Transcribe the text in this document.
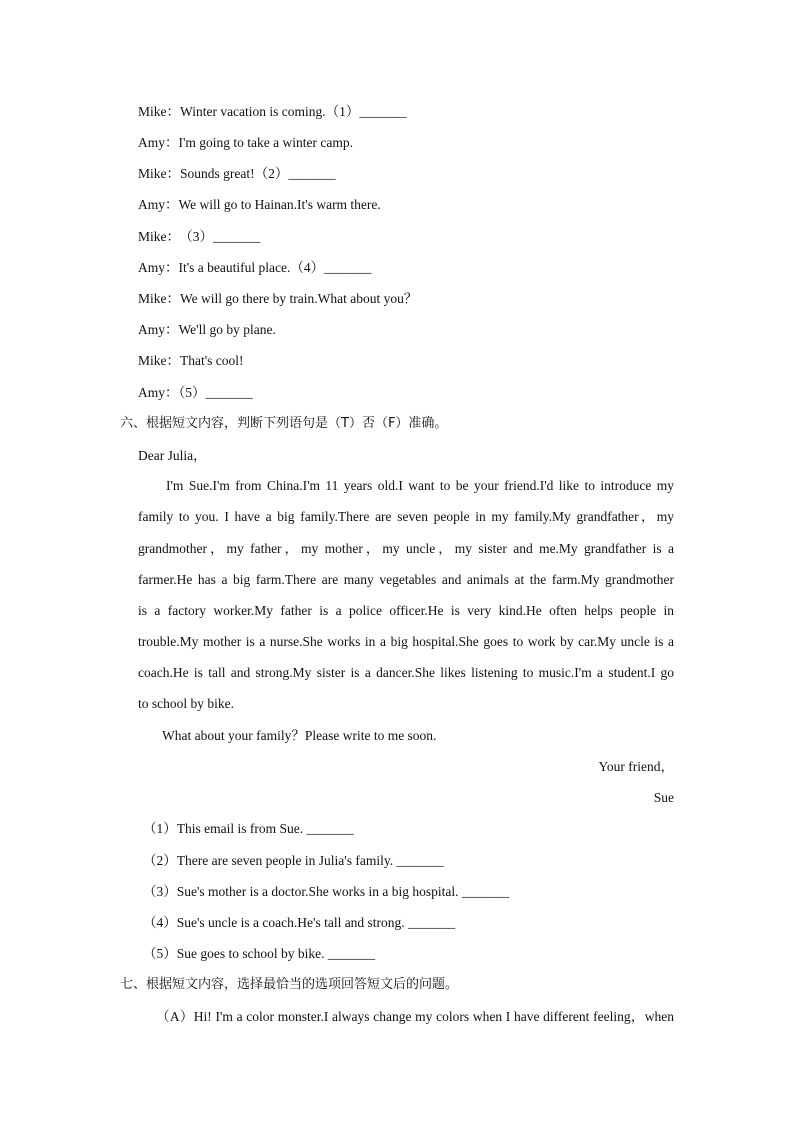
Mike：Winter vacation is coming.（1）_______
Amy：I'm going to take a winter camp.
Mike：Sounds great!（2）_______
Amy：We will go to Hainan.It's warm there.
Mike： （3）_______
Amy：It's a beautiful place.（4）_______
Mike：We will go there by train.What about you？
Amy：We'll go by plane.
Mike：That's cool!
Amy：（5）_______
六、根据短文内容，判断下列语句是（T）否（F）准确。
Dear Julia，
I'm Sue.I'm from China.I'm 11 years old.I want to be your friend.I'd like to introduce my
family to you. I have a big family.There are seven people in my family.My grandfather，my
grandmother，my father，my mother，my uncle，my sister and me.My grandfather is a
farmer.He has a big farm.There are many vegetables and animals at the farm.My grandmother
is a factory worker.My father is a police officer.He is very kind.He often helps people in
trouble.My mother is a nurse.She works in a big hospital.She goes to work by car.My uncle is a
coach.He is tall and strong.My sister is a dancer.She likes listening to music.I'm a student.I go
to school by bike.
What about your family？Please write to me soon.
Your friend，
Sue
（1）This email is from Sue. _______
（2）There are seven people in Julia's family. _______
（3）Sue's mother is a doctor.She works in a big hospital. _______
（4）Sue's uncle is a coach.He's tall and strong. _______
（5）Sue goes to school by bike. _______
七、根据短文内容，选择最恰当的选项回答短文后的问题。
（A）Hi! I'm a color monster.I always change my colors when I have different feeling，when
